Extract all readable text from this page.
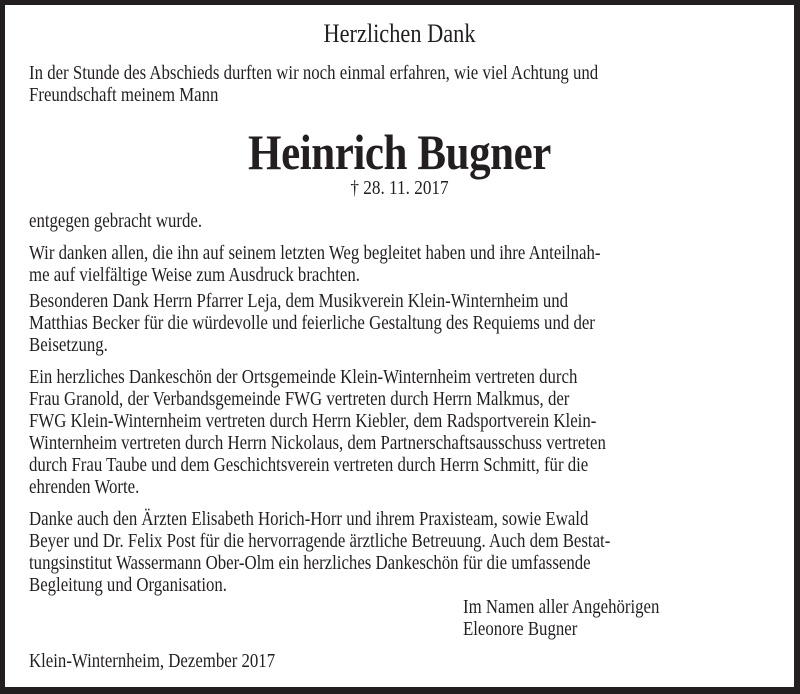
Herzlichen Dank
In der Stunde des Abschieds durften wir noch einmal erfahren, wie viel Achtung und
Freundschaft meinem Mann
Heinrich Bugner
† 28. 11. 2017
entgegen gebracht wurde.
Wir danken allen, die ihn auf seinem letzten Weg begleitet haben und ihre Anteilnah-
me auf vielfältige Weise zum Ausdruck brachten.
Besonderen Dank Herrn Pfarrer Leja, dem Musikverein Klein-Winternheim und
Matthias Becker für die würdevolle und feierliche Gestaltung des Requiems und der
Beisetzung.
Ein herzliches Dankeschön der Ortsgemeinde Klein-Winternheim vertreten durch
Frau Granold, der Verbandsgemeinde FWG vertreten durch Herrn Malkmus, der
FWG Klein-Winternheim vertreten durch Herrn Kiebler, dem Radsportverein Klein-
Winternheim vertreten durch Herrn Nickolaus, dem Partnerschaftsausschuss vertreten
durch Frau Taube und dem Geschichtsverein vertreten durch Herrn Schmitt, für die
ehrenden Worte.
Danke auch den Ärzten Elisabeth Horich-Horr und ihrem Praxisteam, sowie Ewald
Beyer und Dr. Felix Post für die hervorragende ärztliche Betreuung. Auch dem Bestat-
tungsinstitut Wassermann Ober-Olm ein herzliches Dankeschön für die umfassende
Begleitung und Organisation.
Im Namen aller Angehörigen
Eleonore Bugner
Klein-Winternheim, Dezember 2017
